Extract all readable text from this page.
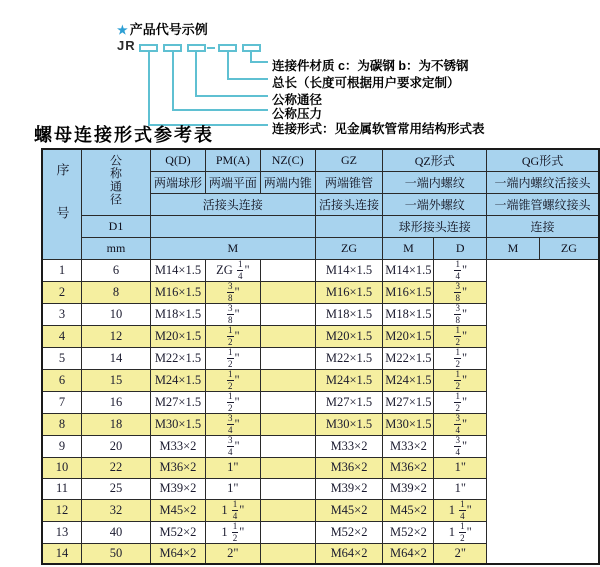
★ 产品代号示例
JR
连接件材质 c：为碳钢 b：为不锈钢
总长（长度可根据用户要求定制）
公称通径
公称压力
连接形式：见金属软管常用结构形式表
螺母连接形式参考表
序号	公称通径	Q(D)	PM(A)	NZ(C)	GZ	QZ形式		QG形式	
		两端球形	两端平面	两端内锥	两端锥管	一端内螺纹		一端内螺纹活接头	
		活接头连接			活接头连接	一端外螺纹		一端锥管螺纹接头	
	D1					球形接头连接		连接	
	mm	M			ZG	M	D	M	ZG
1	6	M14×1.5	ZG $\frac{1}{4}$ "		M14×1.5	M14×1.5	$\frac{1}{4}$ "		
2	8	M16×1.5	$\frac{3}{8}$ "		M16×1.5	M16×1.5	$\frac{3}{8}$ "		
3	10	M18×1.5	$\frac{3}{8}$ "		M18×1.5	M18×1.5	$\frac{3}{8}$ "		
4	12	M20×1.5	$\frac{1}{2}$ "		M20×1.5	M20×1.5	$\frac{1}{2}$ "		
5	14	M22×1.5	$\frac{1}{2}$ "		M22×1.5	M22×1.5	$\frac{1}{2}$ "		
6	15	M24×1.5	$\frac{1}{2}$ "		M24×1.5	M24×1.5	$\frac{1}{2}$ "		
7	16	M27×1.5	$\frac{1}{2}$ "		M27×1.5	M27×1.5	$\frac{1}{2}$ "		
8	18	M30×1.5	$\frac{3}{4}$ "		M30×1.5	M30×1.5	$\frac{3}{4}$ "		
9	20	M33×2	$\frac{3}{4}$ "		M33×2	M33×2	$\frac{3}{4}$ "		
10	22	M36×2	1"		M36×2	M36×2	1"		
11	25	M39×2	1"		M39×2	M39×2	1"		
12	32	M45×2	$1 \frac{1}{4}$ "		M45×2	M45×2	$1 \frac{1}{4}$ "		
13	40	M52×2	$1 \frac{1}{2}$ "		M52×2	M52×2	$1 \frac{1}{2}$ "		
14	50	M64×2	2"		M64×2	M64×2	2"		
